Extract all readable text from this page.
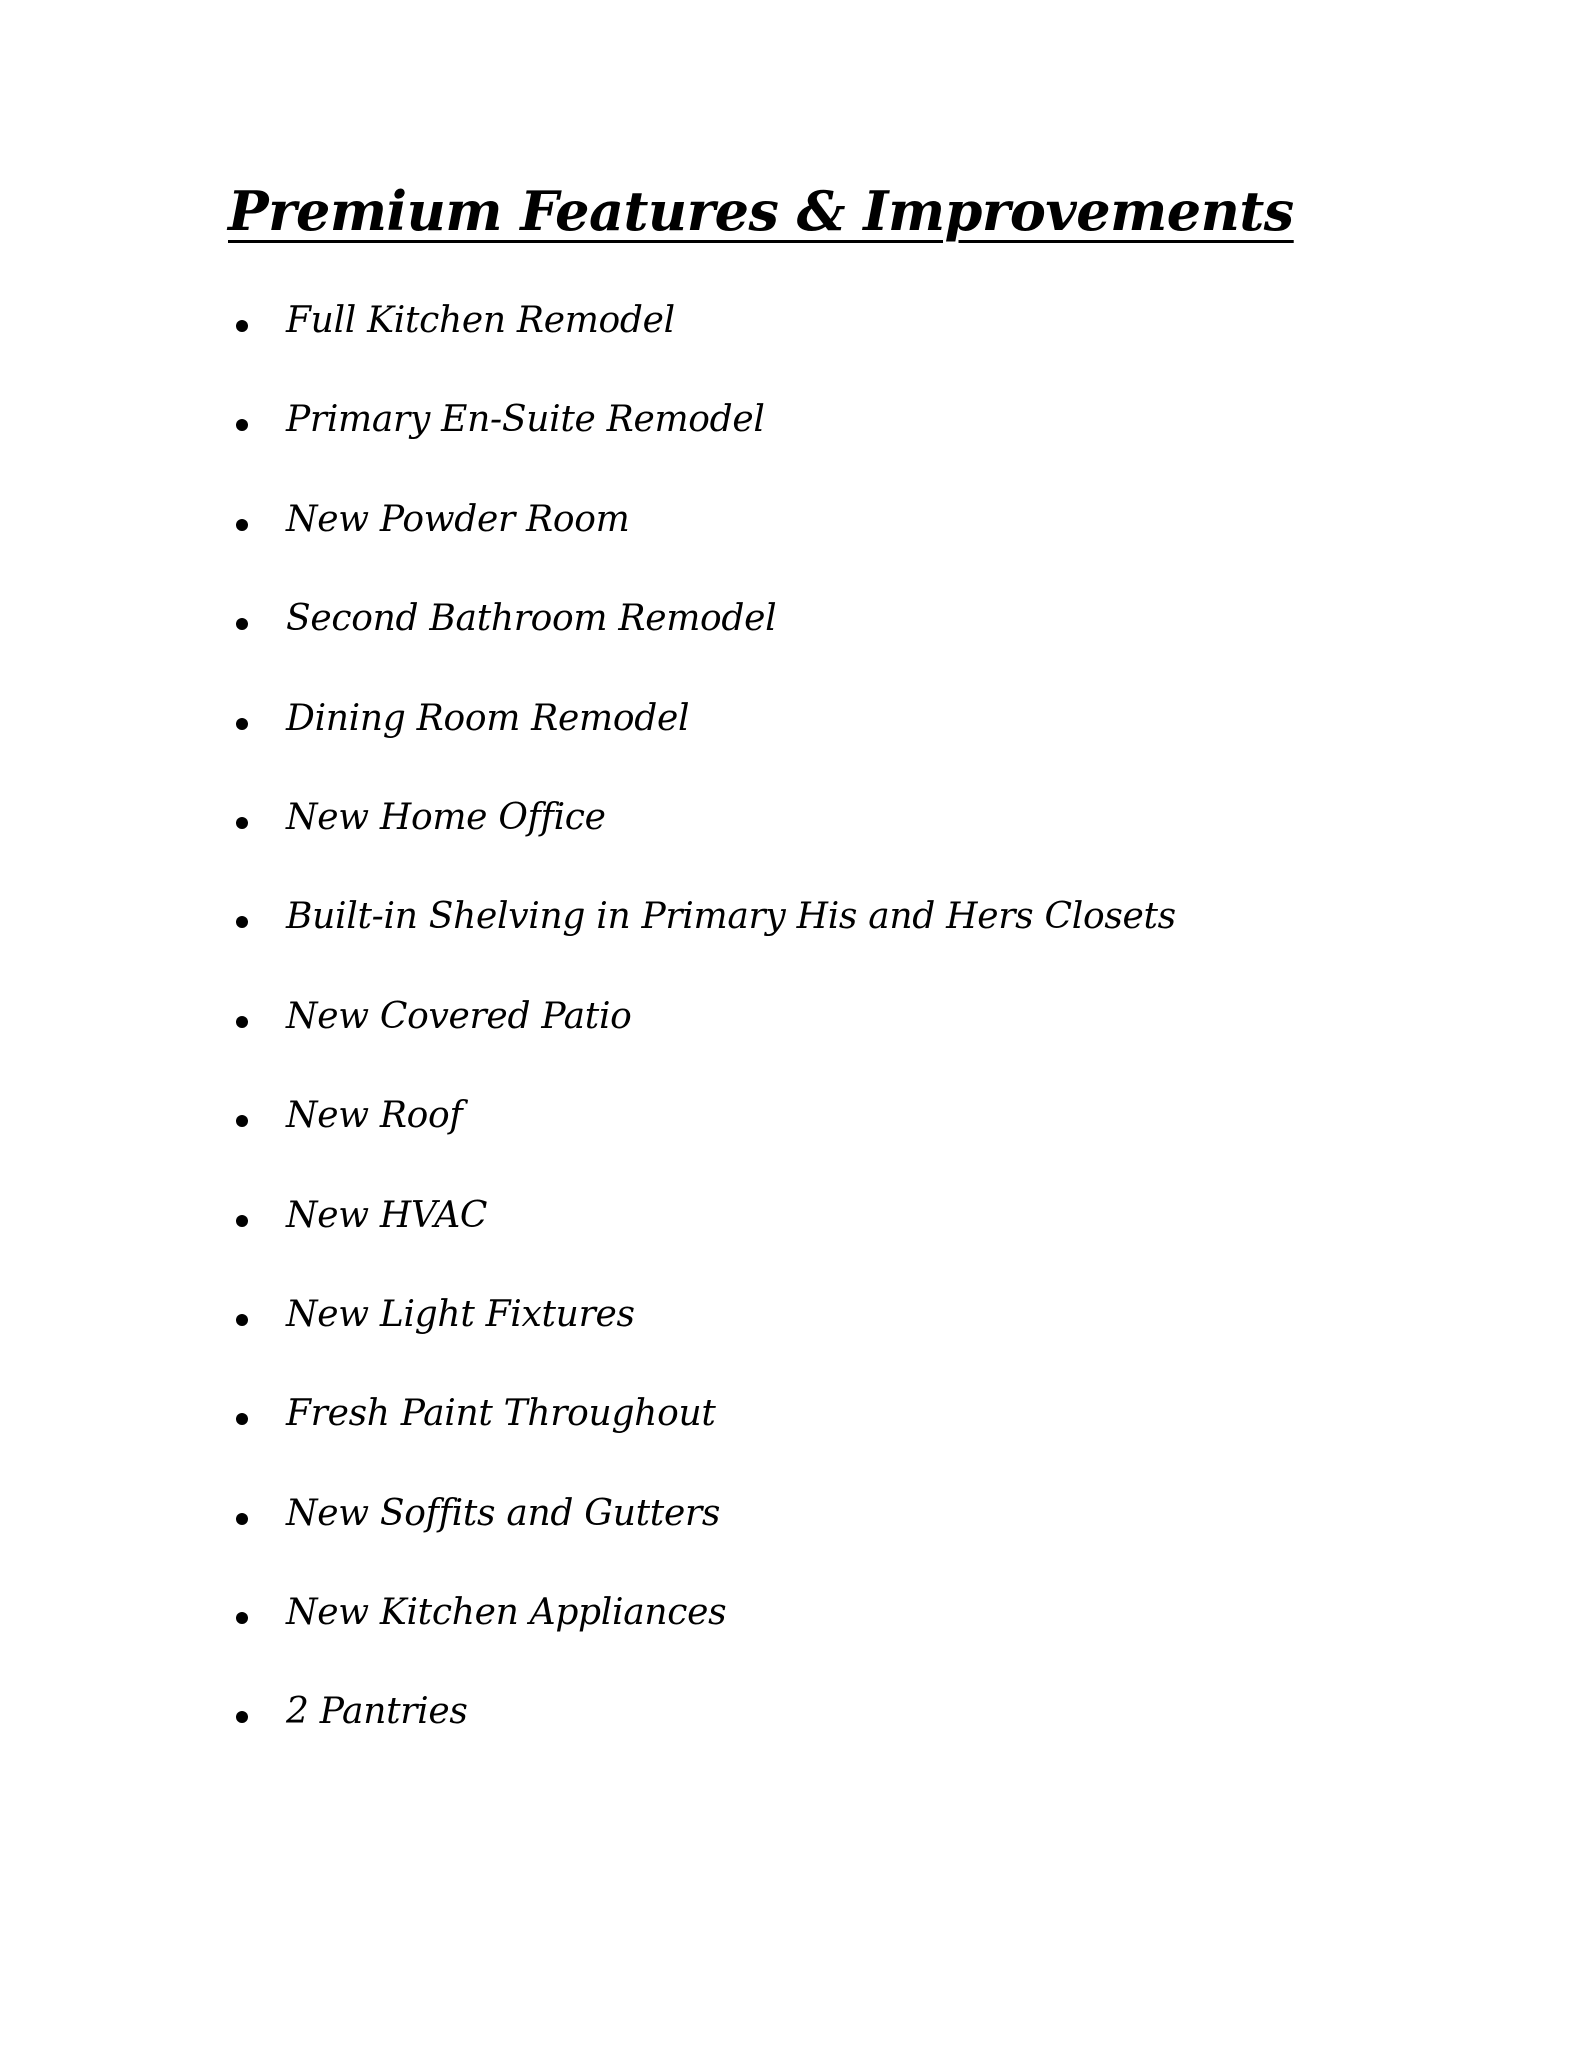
Premium Features & Improvements
Full Kitchen Remodel
Primary En-Suite Remodel
New Powder Room
Second Bathroom Remodel
Dining Room Remodel
New Home Office
Built-in Shelving in Primary His and Hers Closets
New Covered Patio
New Roof
New HVAC
New Light Fixtures
Fresh Paint Throughout
New Soffits and Gutters
New Kitchen Appliances
2 Pantries
